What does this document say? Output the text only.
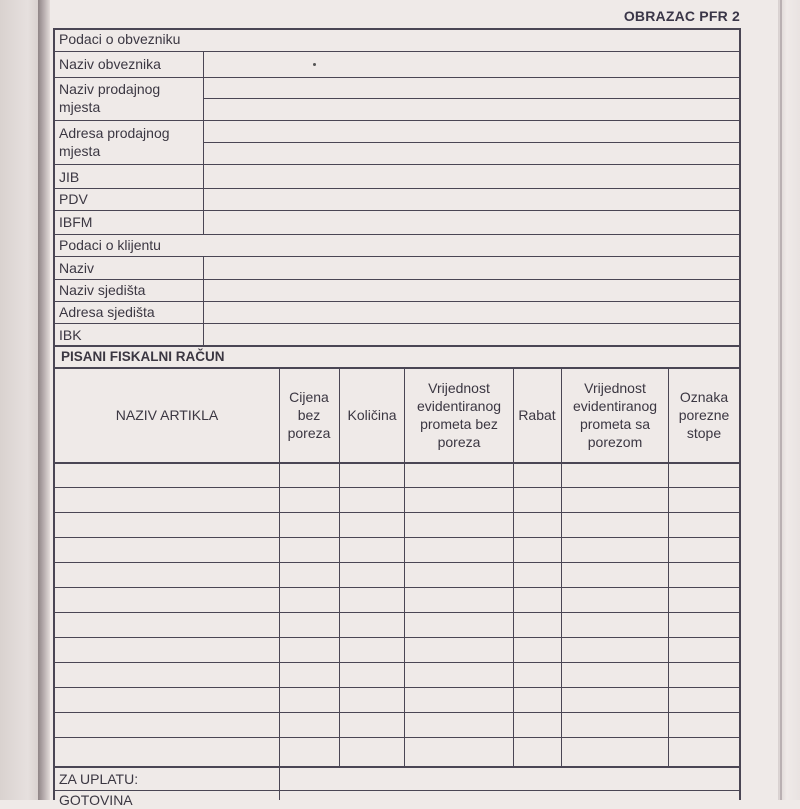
OBRAZAC PFR 2
Podaci o obvezniku
Naziv obveznika
Naziv prodajnog mjesta
Adresa prodajnog mjesta
JIB
PDV
IBFM
Podaci o klijentu
Naziv
Naziv sjedišta
Adresa sjedišta
IBK
PISANI FISKALNI RAČUN
NAZIV ARTIKLA
Cijena bez poreza
Količina
Vrijednost evidentiranog prometa bez poreza
Rabat
Vrijednost evidentiranog prometa sa porezom
Oznaka porezne stope
ZA UPLATU:
GOTOVINA
